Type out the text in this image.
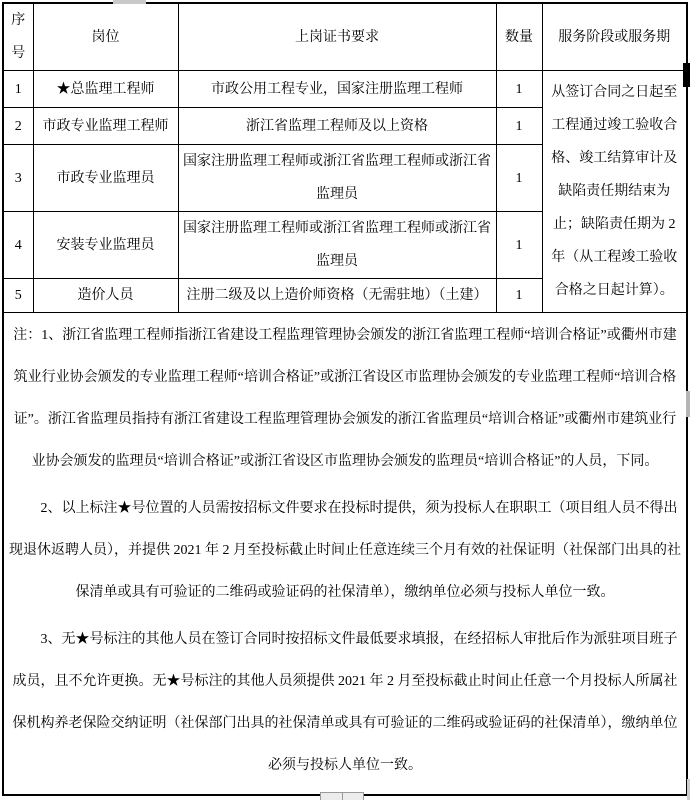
序号	岗位	上岗证书要求	数量	服务阶段或服务期
1	★总监理工程师	市政公用工程专业，国家注册监理工程师	1	从签订合同之日起至工程通过竣工验收合格、竣工结算审计及缺陷责任期结束为止；缺陷责任期为 2 年（从工程竣工验收合格之日起计算）。
2	市政专业监理工程师	浙江省监理工程师及以上资格	1	
3	市政专业监理员	国家注册监理工程师或浙江省监理工程师或浙江省监理员	1	
4	安装专业监理员	国家注册监理工程师或浙江省监理工程师或浙江省监理员	1	
5	造价人员	注册二级及以上造价师资格（无需驻地）（土建）	1	

注：1、浙江省监理工程师指浙江省建设工程监理管理协会颁发的浙江省监理工程师“培训合格证”或衢州市建筑业行业协会颁发的专业监理工程师“培训合格证”或浙江省设区市监理协会颁发的专业监理工程师“培训合格证”。浙江省监理员指持有浙江省建设工程监理管理协会颁发的浙江省监理员“培训合格证”或衢州市建筑业行业协会颁发的监理员“培训合格证”或浙江省设区市监理协会颁发的监理员“培训合格证”的人员，下同。

2、以上标注★号位置的人员需按招标文件要求在投标时提供，须为投标人在职职工（项目组人员不得出现退休返聘人员），并提供 2021 年 2 月至投标截止时间止任意连续三个月有效的社保证明（社保部门出具的社保清单或具有可验证的二维码或验证码的社保清单），缴纳单位必须与投标人单位一致。

3、无★号标注的其他人员在签订合同时按招标文件最低要求填报，在经招标人审批后作为派驻项目班子成员，且不允许更换。无★号标注的其他人员须提供 2021 年 2 月至投标截止时间止任意一个月投标人所属社保机构养老保险交纳证明（社保部门出具的社保清单或具有可验证的二维码或验证码的社保清单），缴纳单位必须与投标人单位一致。				
